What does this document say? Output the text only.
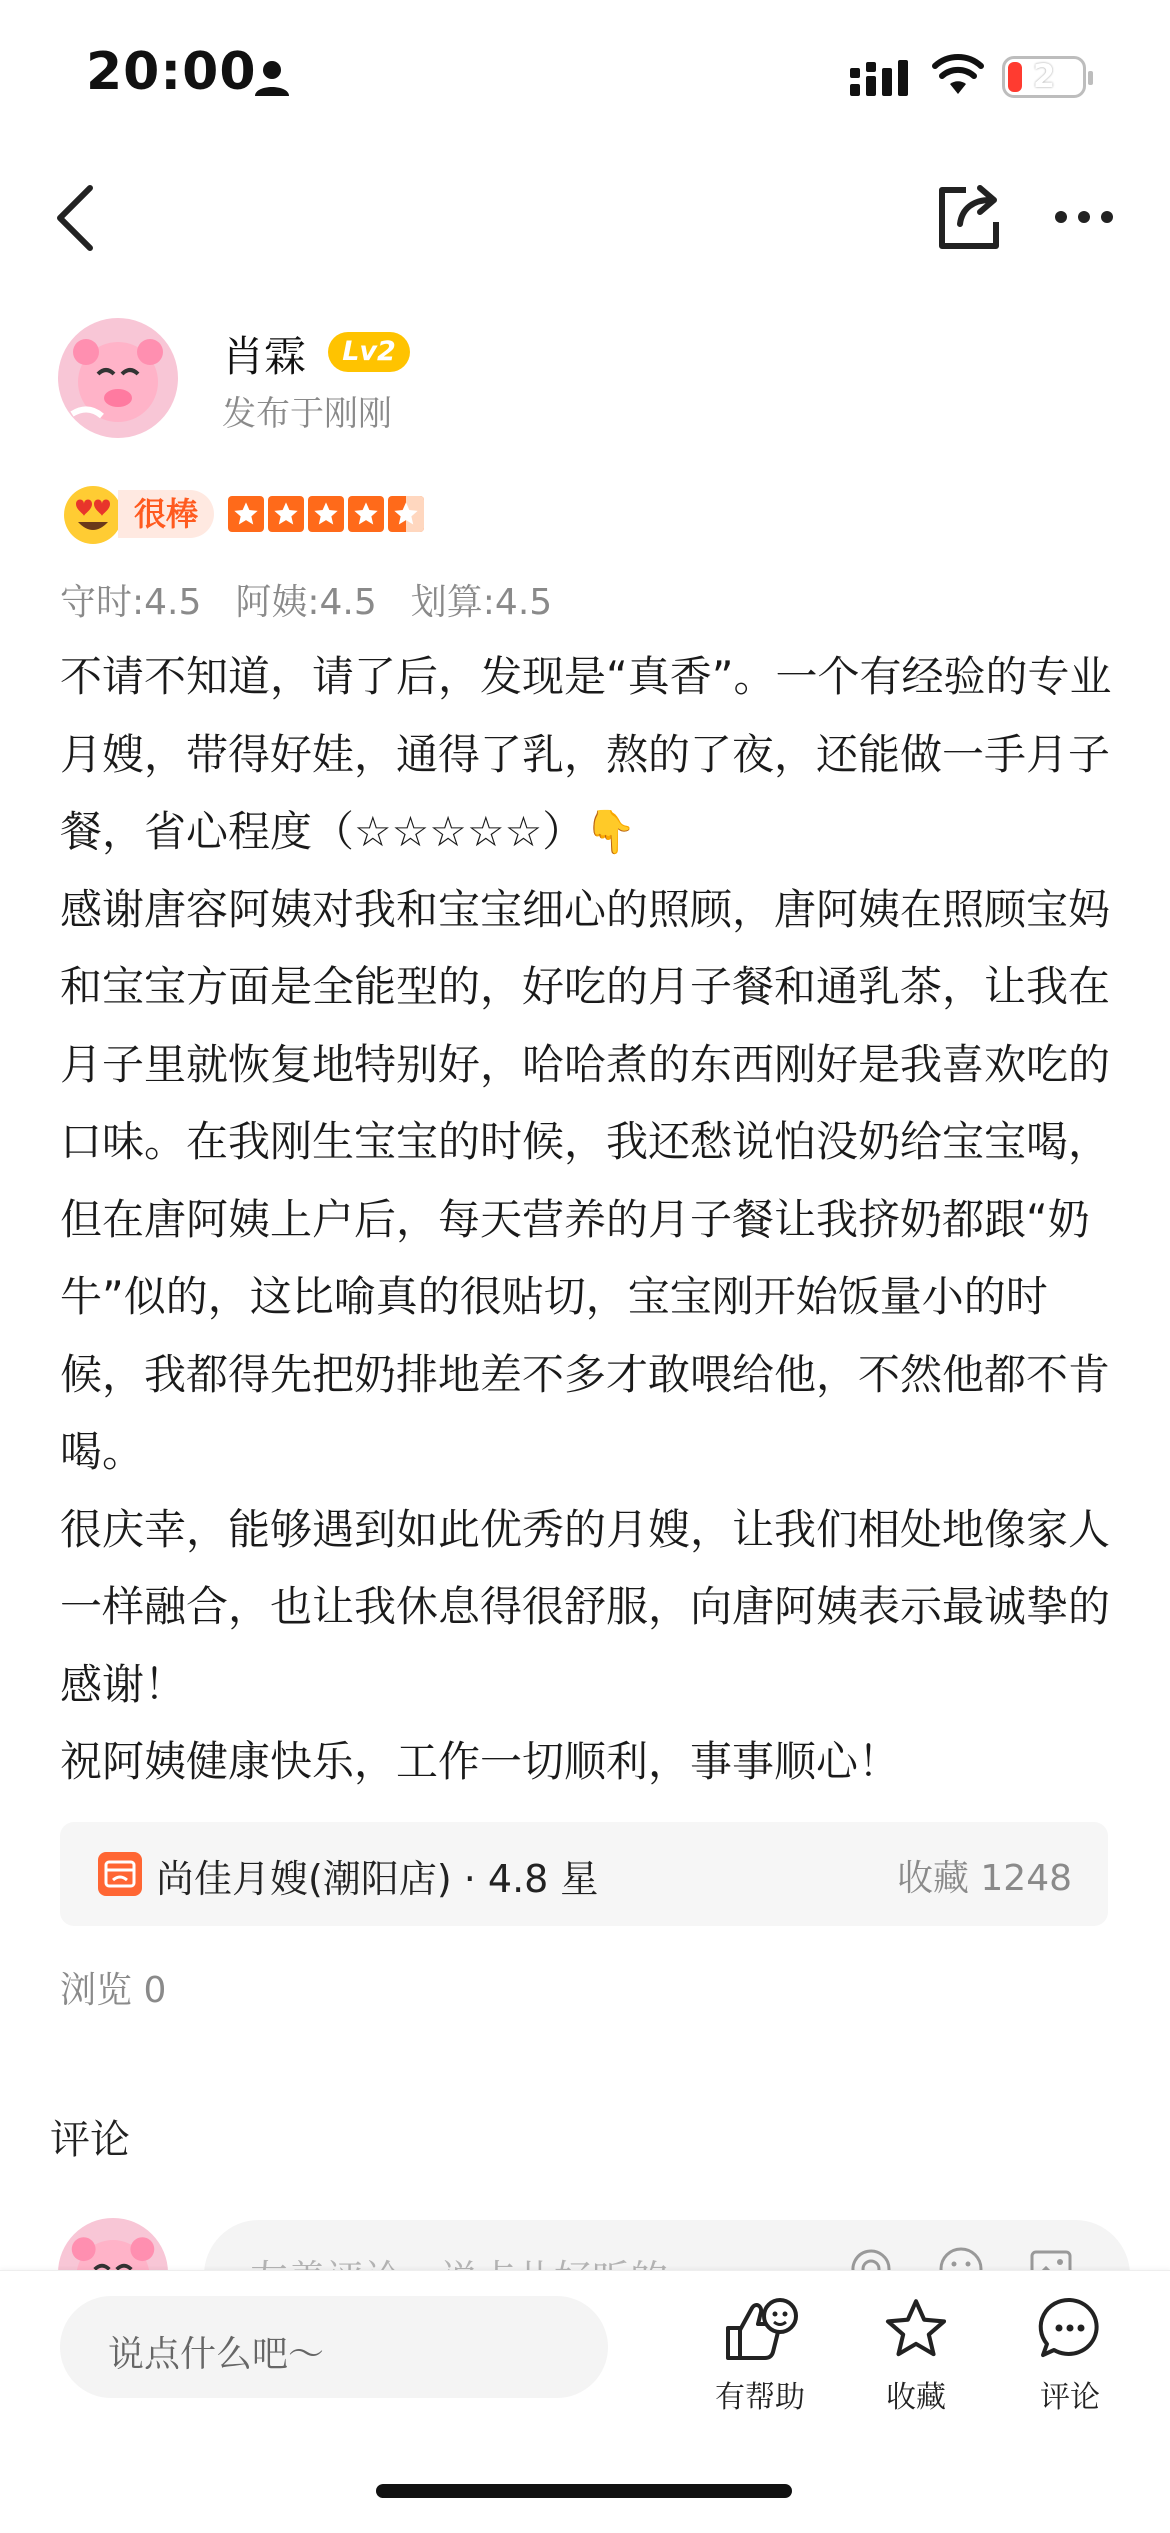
20:00	2
肖霖	Lv2
发布于刚刚
很棒
守时:4.5 阿姨:4.5 划算:4.5

不请不知道，请了后，发现是“真香”。一个有经验的专业月嫂，带得好娃，通得了乳，熬的了夜，还能做一手月子餐，省心程度（☆☆☆☆☆）👇

感谢唐容阿姨对我和宝宝细心的照顾，唐阿姨在照顾宝妈和宝宝方面是全能型的，好吃的月子餐和通乳茶，让我在月子里就恢复地特别好，哈哈煮的东西刚好是我喜欢吃的口味。在我刚生宝宝的时候，我还愁说怕没奶给宝宝喝，但在唐阿姨上户后，每天营养的月子餐让我挤奶都跟“奶牛”似的，这比喻真的很贴切，宝宝刚开始饭量小的时候，我都得先把奶排地差不多才敢喂给他，不然他都不肯喝。

很庆幸，能够遇到如此优秀的月嫂，让我们相处地像家人一样融合，也让我休息得很舒服，向唐阿姨表示最诚挚的感谢！

祝阿姨健康快乐，工作一切顺利，事事顺心！

尚佳月嫂(潮阳店) · 4.8 星	收藏 1248
浏览 0
评论
说点什么吧～
有帮助	收藏	评论
